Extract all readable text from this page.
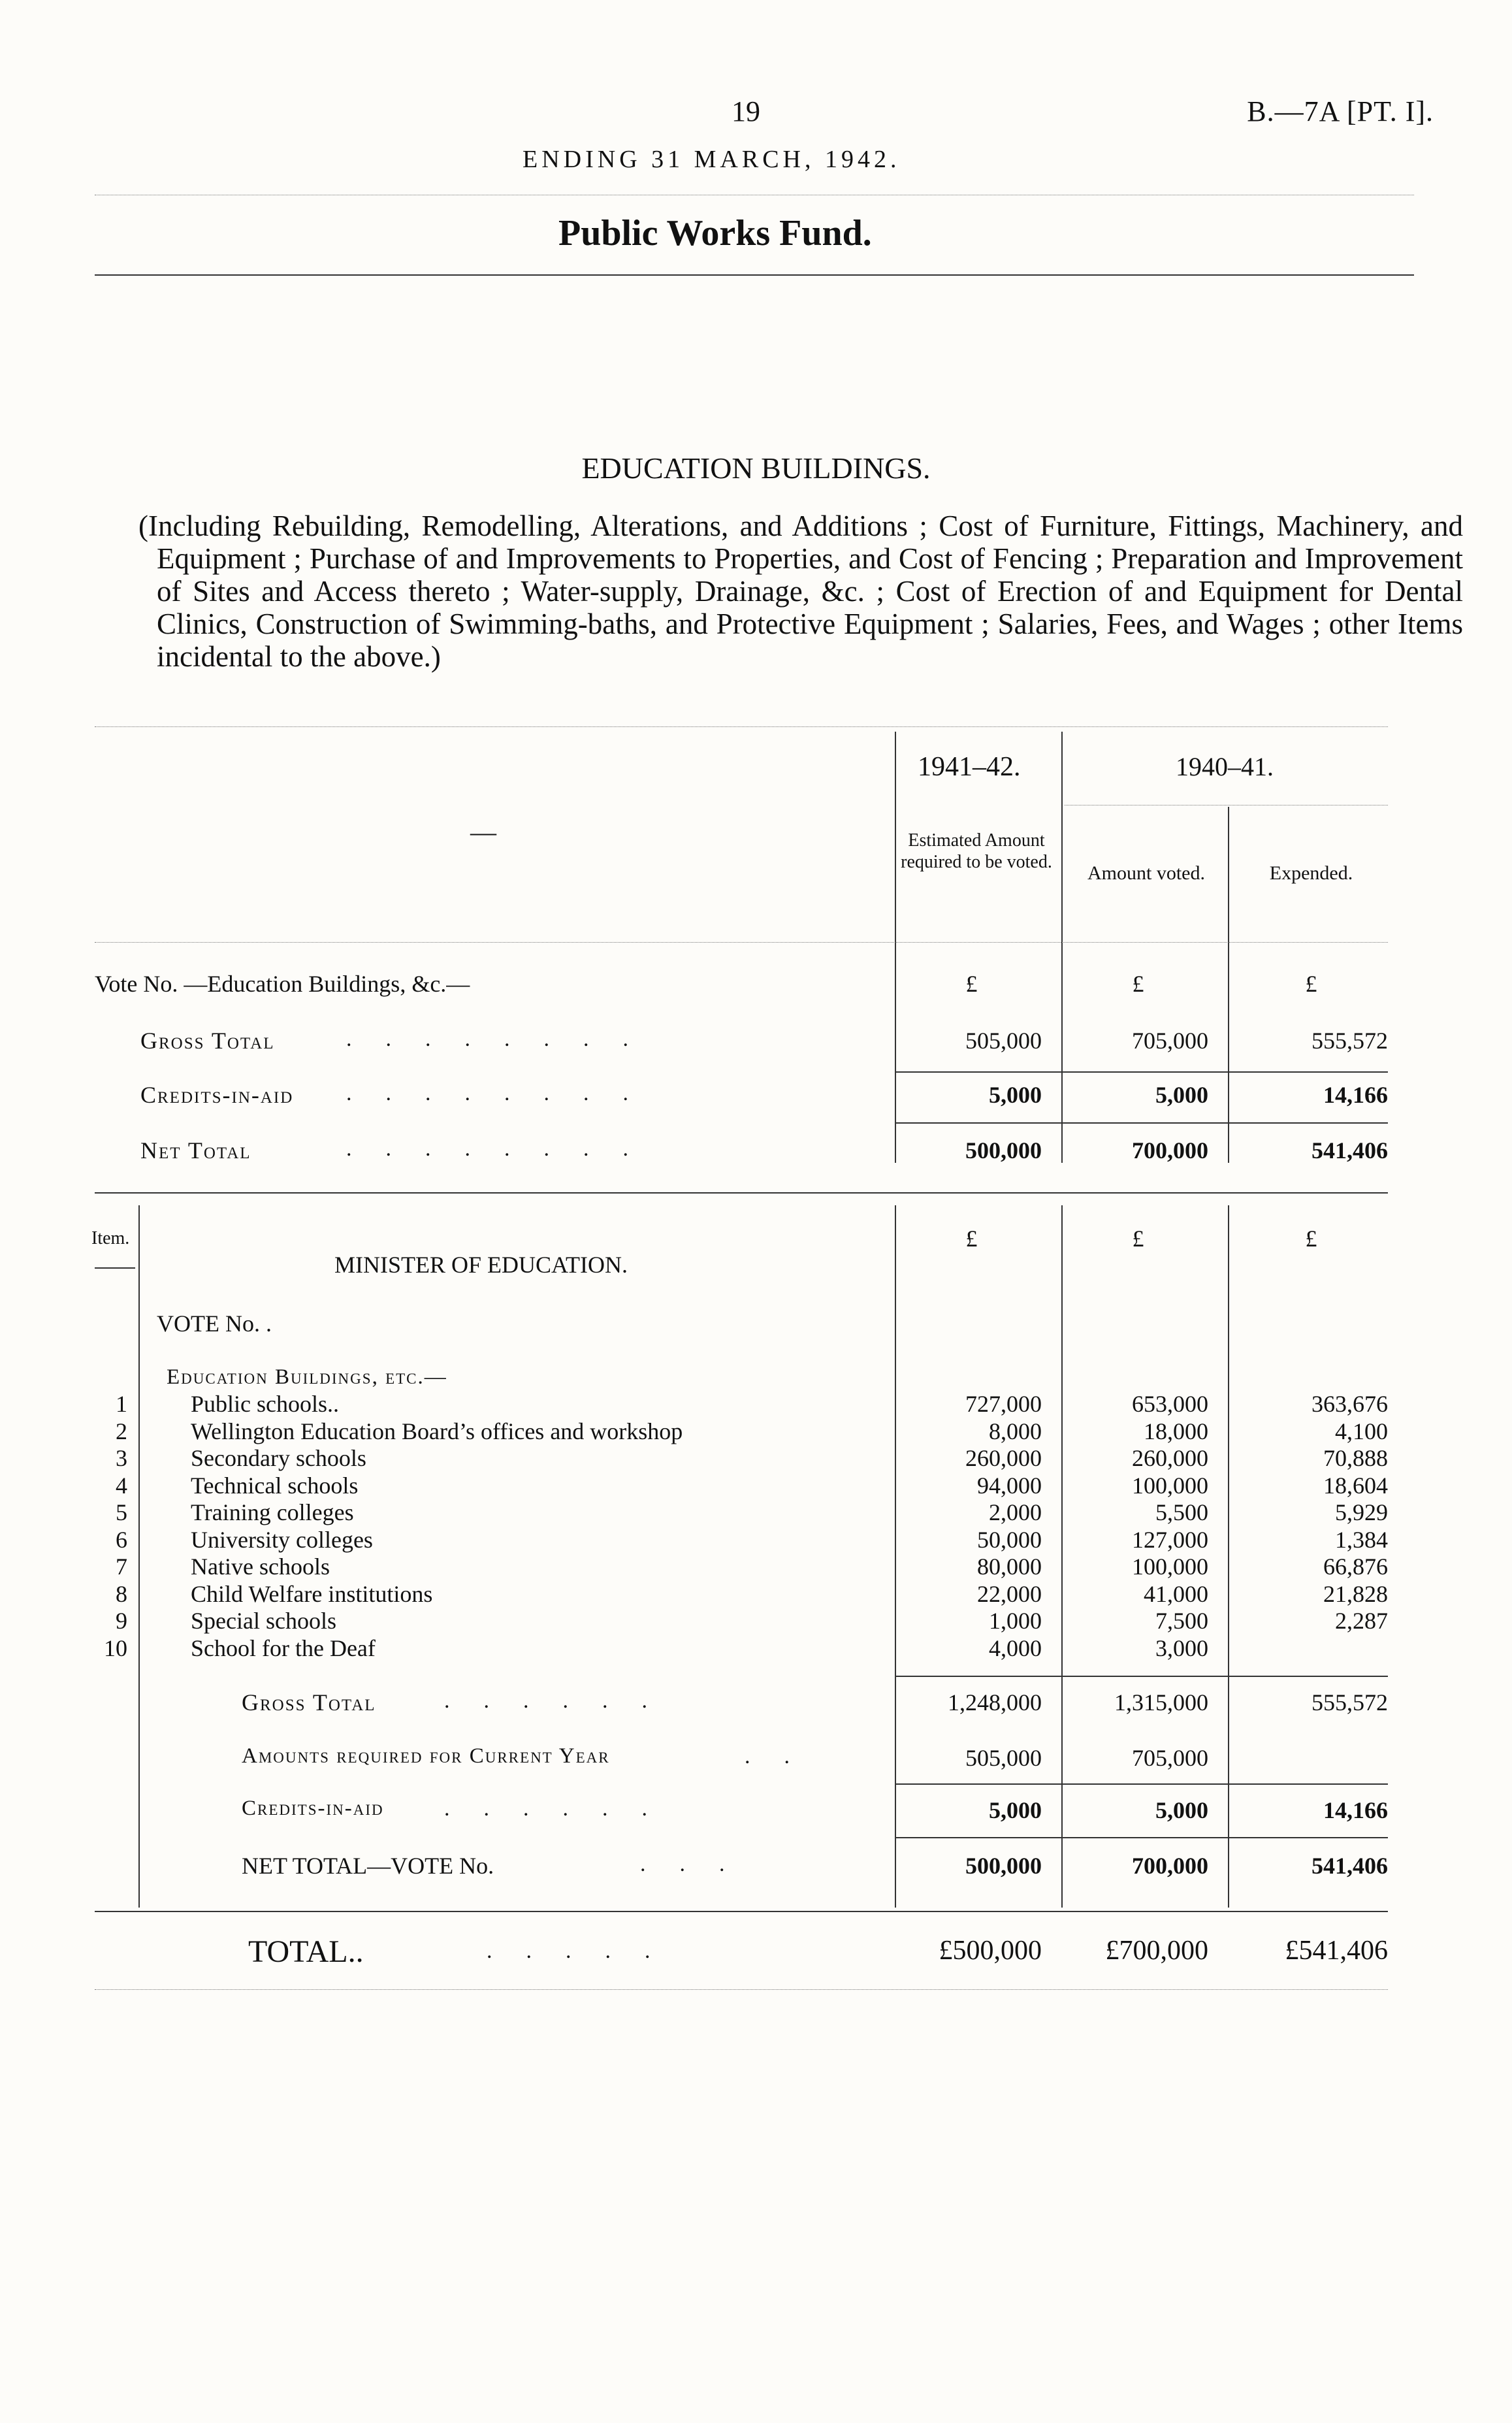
19	B.—7A [PT. I].
ENDING 31 MARCH, 1942.
Public Works Fund.
EDUCATION BUILDINGS.
(Including Rebuilding, Remodelling, Alterations, and Additions ; Cost of Furniture, Fittings, Machinery, and Equipment ; Purchase of and Improvements to Properties, and Cost of Fencing ; Preparation and Improvement of Sites and Access thereto ; Water-supply, Drainage, &c. ; Cost of Erection of and Equipment for Dental Clinics, Construction of Swimming-baths, and Protective Equipment ; Salaries, Fees, and Wages ; other Items incidental to the above.)
1941–42.	1940–41.
—	Estimated Amount required to be voted.
Amount voted.	Expended.
Vote No. —Education Buildings, &c.—	£	£	£
Gross Total	........	505,000	705,000	555,572
Credits-in-aid ........	5,000	5,000	14,166
Net Total	........	500,000	700,000	541,406
Item.	£	£	£
MINISTER OF EDUCATION.
VOTE No. .
Education Buildings, etc.—
1	Public schools..	727,000	653,000	363,676
2	Wellington Education Board’s offices and workshop	8,000	18,000	4,100
3	Secondary schools	260,000	260,000	70,888
4	Technical schools	94,000	100,000	18,604
5	Training colleges	2,000	5,500	5,929
6	University colleges	50,000	127,000	1,384
7	Native schools	80,000	100,000	66,876
8	Child Welfare institutions	22,000	41,000	21,828
9	Special schools	1,000	7,500	2,287
10	School for the Deaf	4,000	3,000
Gross Total	......	1,248,000	1,315,000	555,572
Amounts required for Current Year	..	505,000	705,000
Credits-in-aid	......	5,000	5,000	14,166
NET TOTAL—VOTE No.	...	500,000	700,000	541,406
TOTAL..	.....	£500,000	£700,000	£541,406
